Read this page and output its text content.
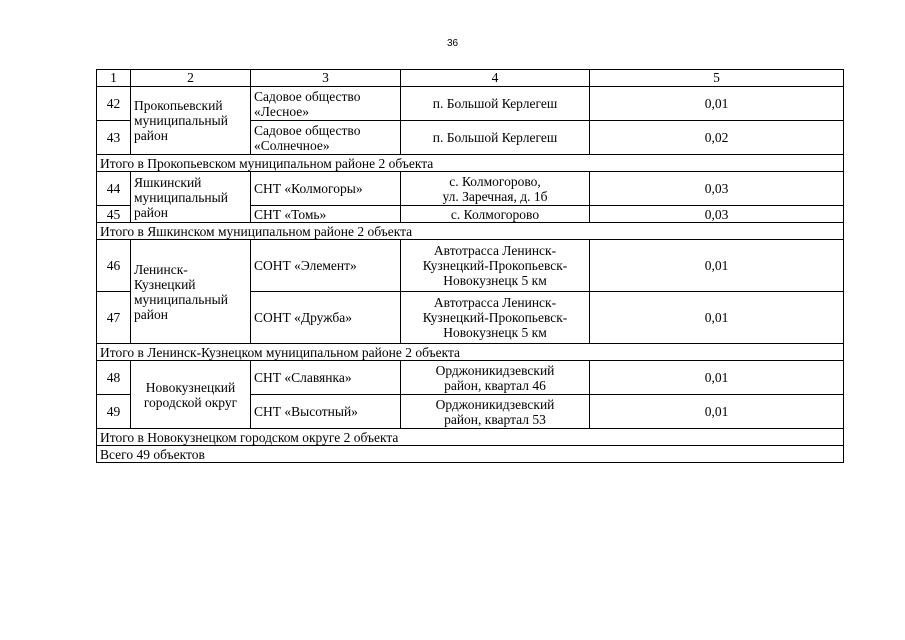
36
1	2	3	4	5
42	Прокопьевский
муниципальный
район	Садовое общество
«Лесное»	п. Большой Керлегеш	0,01
43		Садовое общество
«Солнечное»	п. Большой Керлегеш	0,02
Итого в Прокопьевском муниципальном районе 2 объекта				
44	Яшкинский
муниципальный
район	СНТ «Колмогоры»	с. Колмогорово,
ул. Заречная, д. 1б	0,03
45		СНТ «Томь»	с. Колмогорово	0,03
Итого в Яшкинском муниципальном районе 2 объекта				
46	Ленинск-
Кузнецкий
муниципальный
район	СОНТ «Элемент»	Автотрасса Ленинск-
Кузнецкий-Прокопьевск-
Новокузнецк 5 км	0,01
47		СОНТ «Дружба»	Автотрасса Ленинск-
Кузнецкий-Прокопьевск-
Новокузнецк 5 км	0,01
Итого в Ленинск-Кузнецком муниципальном районе 2 объекта				
48	Новокузнецкий
городской округ	СНТ «Славянка»	Орджоникидзевский
район, квартал 46	0,01
49		СНТ «Высотный»	Орджоникидзевский
район, квартал 53	0,01
Итого в Новокузнецком городском округе 2 объекта				
Всего 49 объектов				
